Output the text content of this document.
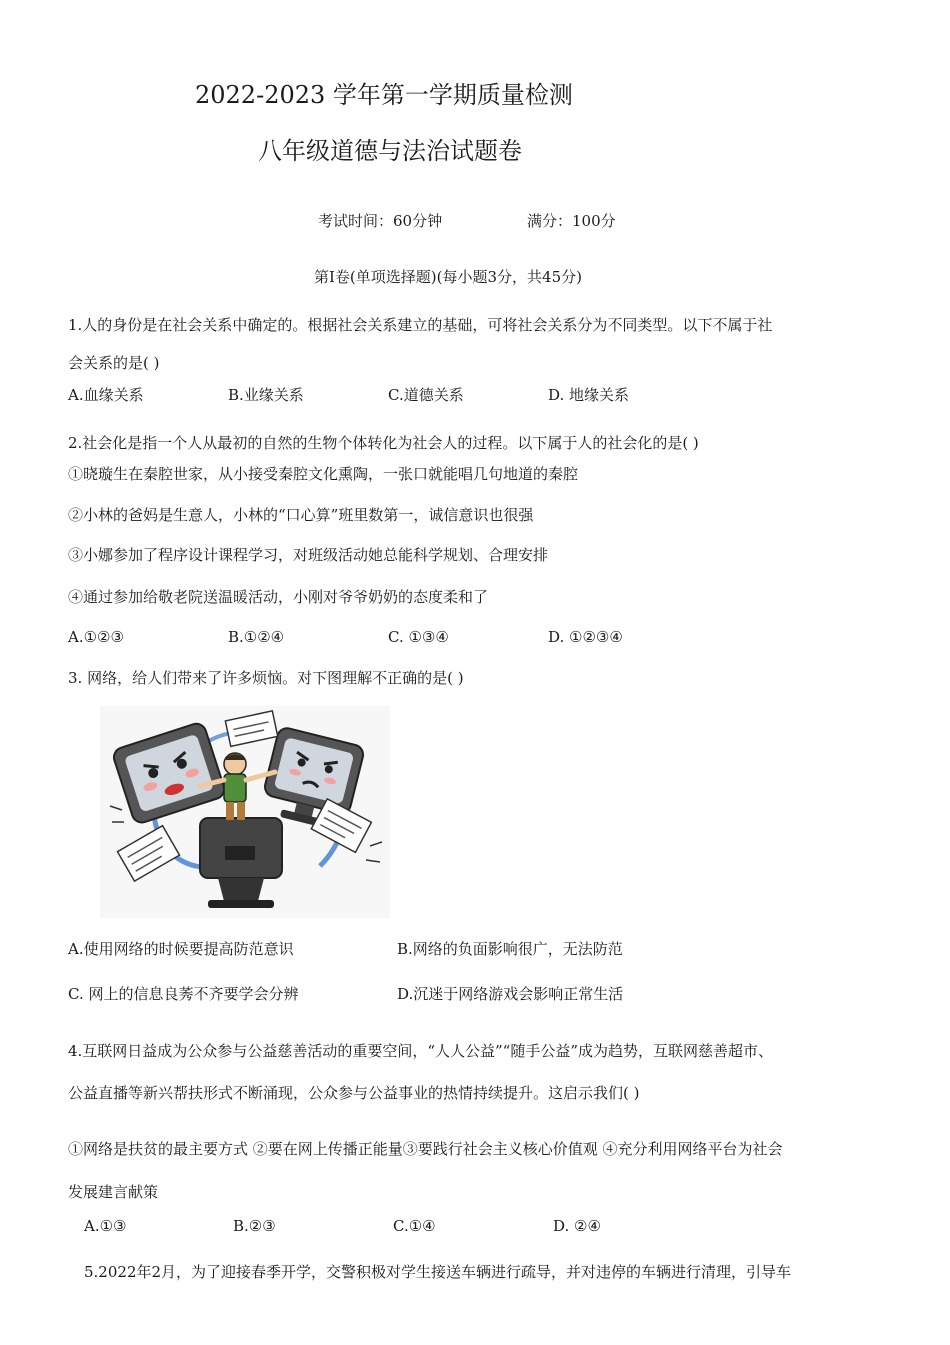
2022-2023 学年第一学期质量检测
八年级道德与法治试题卷
考试时间：60分钟	满分：100分
第Ⅰ卷(单项选择题)(每小题3分，共45分)
1.人的身份是在社会关系中确定的。根据社会关系建立的基础，可将社会关系分为不同类型。以下不属于社
会关系的是( )
A.血缘关系	B.业缘关系	C.道德关系	D. 地缘关系
2.社会化是指一个人从最初的自然的生物个体转化为社会人的过程。以下属于人的社会化的是( )
①晓璇生在秦腔世家，从小接受秦腔文化熏陶，一张口就能唱几句地道的秦腔
②小林的爸妈是生意人，小林的“口心算”班里数第一，诚信意识也很强
③小娜参加了程序设计课程学习，对班级活动她总能科学规划、合理安排
④通过参加给敬老院送温暖活动，小刚对爷爷奶奶的态度柔和了
A.①②③	B.①②④	C. ①③④	D. ①②③④
3. 网络，给人们带来了许多烦恼。对下图理解不正确的是( )
A.使用网络的时候要提高防范意识	B.网络的负面影响很广，无法防范
C. 网上的信息良莠不齐要学会分辨	D.沉迷于网络游戏会影响正常生活
4.互联网日益成为公众参与公益慈善活动的重要空间，“人人公益”“随手公益”成为趋势，互联网慈善超市、
公益直播等新兴帮扶形式不断涌现，公众参与公益事业的热情持续提升。这启示我们( )
①网络是扶贫的最主要方式 ②要在网上传播正能量③要践行社会主义核心价值观 ④充分利用网络平台为社会
发展建言献策
A.①③	B.②③	C.①④	D. ②④
5.2022年2月，为了迎接春季开学，交警积极对学生接送车辆进行疏导，并对违停的车辆进行清理，引导车
